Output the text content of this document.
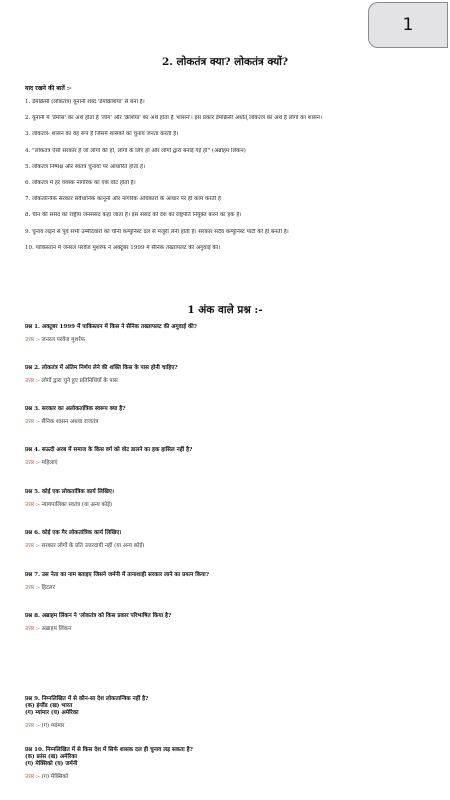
1
2. लोकतंत्र क्या? लोकतंत्र क्यों?
याद रखने की बातें :-
1. डेमोक्रेसी (लोकतंत्र) यूनानी शब्द 'डेमोक्रेशिया' से बना है।
2. यूनानी में 'डेमोस' का अर्थ होता है 'लोग' और 'क्रेशिया' का अर्थ होता है 'शासन'। इस प्रकार डेमोक्रेसी अर्थात् लोकतंत्र का अर्थ है लोगों का शासन।
3. लोकतंत्र- शासन का वह रूप है जिसमें शासकों का चुनाव जनता करती है।
4. "लोकतंत्र ऐसी सरकार है जो लोगों की हो, लोगों के लिए हो और लोगों द्वारा बनाई गई हो" (अब्राहम लिंकन)
5. लोकतंत्र निष्पक्ष और स्वतंत्र चुनावों पर आधारित होता है।
6. लोकतंत्र में हर वयस्क नागरिक का एक वोट होता है।
7. लोकतान्त्रिक सरकार संवैधानिक कानूनों और नागरिक अधिकारों के आधार पर ही काम करती है
8. चीन की संसद को राष्ट्रीय जनसंसद कहा जाता है। इस संसद को देश का राष्ट्रपति नियुक्त करने का हक है।
9. चुनाव लड़ने से पूर्व सभी उम्मीदवारों को चीनी कम्युनिस्ट दल से मंजूरी लेनी होती है। सरकार सदैव कम्युनिस्ट पार्टी की ही बनती है।
10. पाकिस्तान में जनरल परवेज मुशर्रफ ने अक्टूबर 1999 में सैनिक तख्तापलट की अगुवाई की।
1 अंक वाले प्रश्न :-
प्रश्न 1. अक्टूबर 1999 में पाकिस्तान में किस ने सैनिक तख्तापलट की अगुवाई की?
उत्तर :- जनरल परवेज मुशर्रफ
प्रश्न 2. लोकतंत्र में अंतिम निर्णय लेने की शक्ति किस के पास होनी चाहिए?
उत्तर :- लोगों द्वारा चुने हुए प्रतिनिधियों के पास
प्रश्न 3. सरकार का अलोकतांत्रिक स्वरूप क्या है?
उत्तर :- सैनिक शासन अथवा राजतंत्र
प्रश्न 4. सऊदी अरब में समाज के किस वर्ग को वोट डालने का हक हासिल नहीं है?
उत्तर :- महिलाएं
प्रश्न 5. कोई एक लोकतांत्रिक कार्य लिखिए।
उत्तर :- न्यायपालिका स्वतंत्र (या अन्य कोई)
प्रश्न 6. कोई एक गैर लोकतांत्रिक कार्य लिखिए।
उत्तर :- सरकार लोगों के प्रति उत्तरदायी नहीं (या अन्य कोई)
प्रश्न 7. उस नेता का नाम बताइए जिसने जर्मनी में तानाशाही सरकार लाने का प्रयत्न किया?
उत्तर :- हिटलर
प्रश्न 8. अब्राहम लिंकन ने 'लोकतंत्र को किस प्रकार परिभाषित किया है?
उत्तर :- अब्राहम लिंकन
प्रश्न 9. निम्नलिखित में से कौन-सा देश लोकतान्त्रिक नहीं है?
(क) इंग्लैंड (ख) भारत
(ग) म्यांमार (घ) अमेरिका
उत्तर :- (ग) म्यांमार
प्रश्न 10. निम्नलिखित में से किस देश में सिर्फ शासक दल ही चुनाव लड़ सकता है?
(क) फ्रांस (ख) अमेरिका
(ग) मेक्सिको (घ) जर्मनी
उत्तर :- (ग) मेक्सिको
